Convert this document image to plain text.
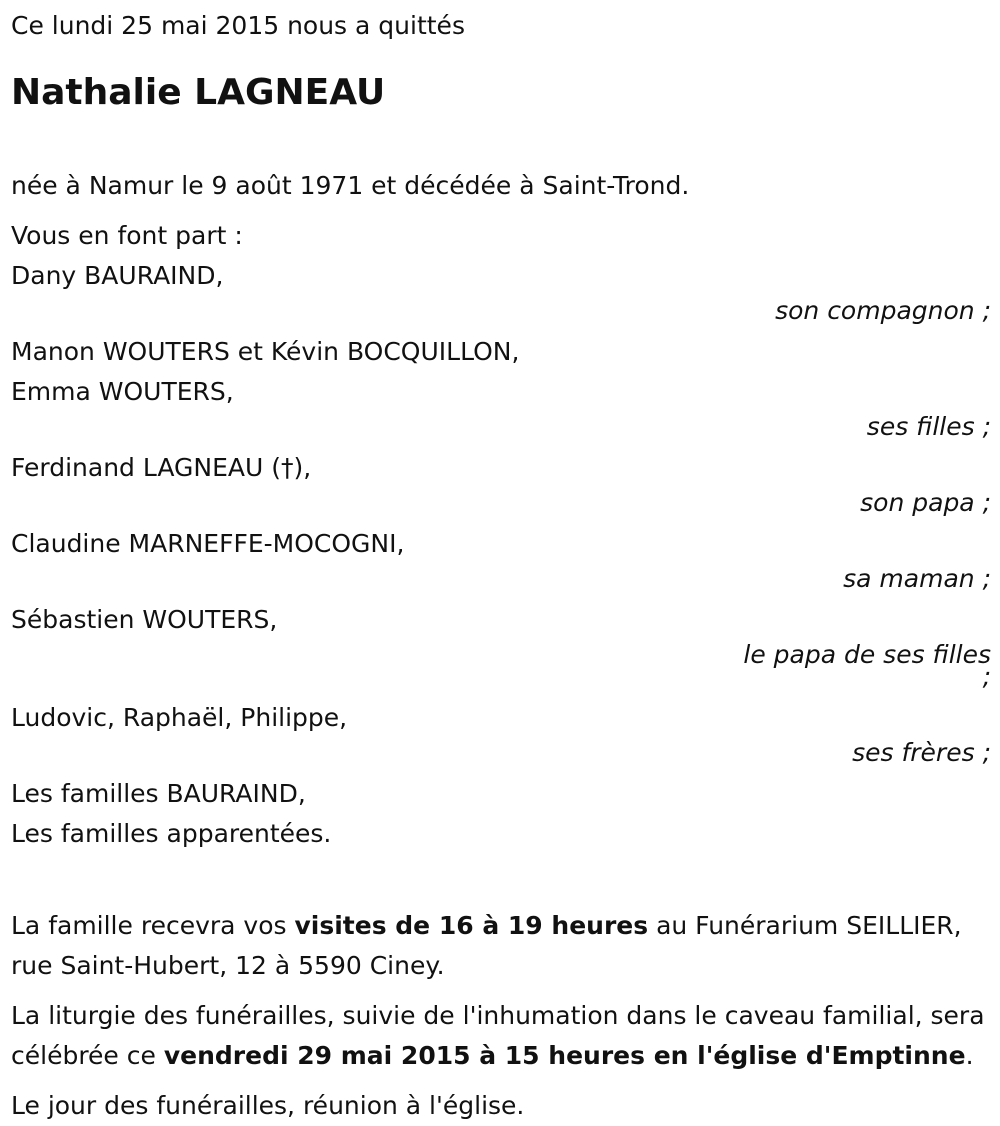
Ce lundi 25 mai 2015 nous a quittés

Nathalie LAGNEAU

née à Namur le 9 août 1971 et décédée à Saint-Trond.

Vous en font part :

Dany BAURAIND,

son compagnon ;

Manon WOUTERS et Kévin BOCQUILLON,

Emma WOUTERS,

ses filles ;

Ferdinand LAGNEAU (†),

son papa ;

Claudine MARNEFFE-MOCOGNI,

sa maman ;

Sébastien WOUTERS,

le papa de ses filles ;

Ludovic, Raphaël, Philippe,

ses frères ;

Les familles BAURAIND,

Les familles apparentées.

La famille recevra vos visites de 16 à 19 heures au Funérarium SEILLIER, rue Saint-Hubert, 12 à 5590 Ciney.

La liturgie des funérailles, suivie de l'inhumation dans le caveau familial, sera célébrée ce vendredi 29 mai 2015 à 15 heures en l'église d'Emptinne.

Le jour des funérailles, réunion à l'église.
